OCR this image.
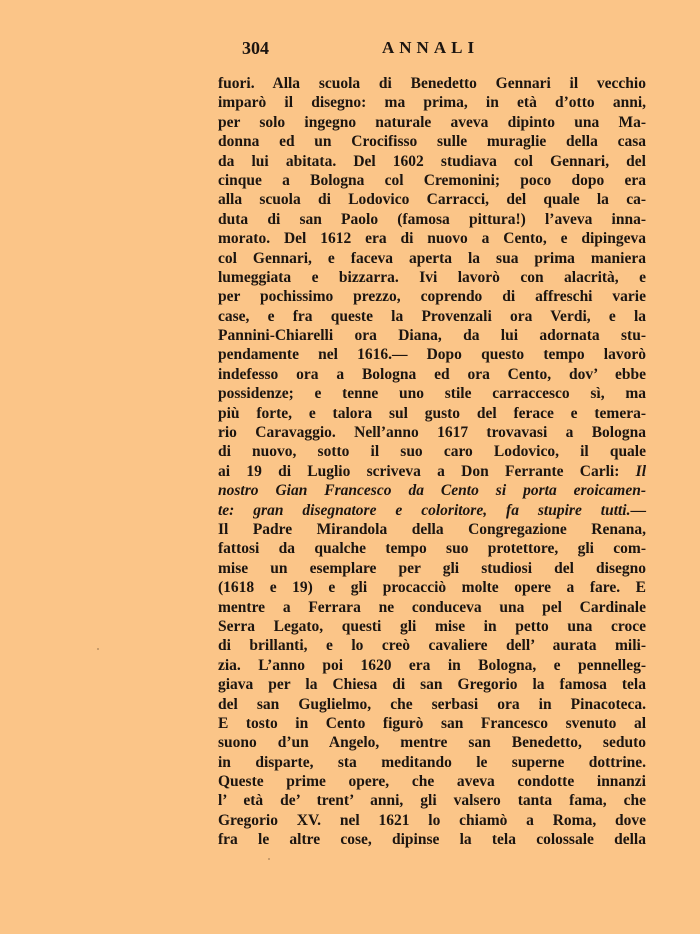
304	ANNALI
fuori. Alla scuola di Benedetto Gennari il vecchio
imparò il disegno: ma prima, in età d’otto anni,
per solo ingegno naturale aveva dipinto una Ma-
donna ed un Crocifisso sulle muraglie della casa
da lui abitata. Del 1602 studiava col Gennari, del
cinque a Bologna col Cremonini; poco dopo era
alla scuola di Lodovico Carracci, del quale la ca-
duta di san Paolo (famosa pittura!) l’aveva inna-
morato. Del 1612 era di nuovo a Cento, e dipingeva
col Gennari, e faceva aperta la sua prima maniera
lumeggiata e bizzarra. Ivi lavorò con alacrità, e
per pochissimo prezzo, coprendo di affreschi varie
case, e fra queste la Provenzali ora Verdi, e la
Pannini-Chiarelli ora Diana, da lui adornata stu-
pendamente nel 1616.— Dopo questo tempo lavorò
indefesso ora a Bologna ed ora Cento, dov’ ebbe
possidenze; e tenne uno stile carraccesco sì, ma
più forte, e talora sul gusto del ferace e temera-
rio Caravaggio. Nell’anno 1617 trovavasi a Bologna
di nuovo, sotto il suo caro Lodovico, il quale
ai 19 di Luglio scriveva a Don Ferrante Carli: Il
nostro Gian Francesco da Cento si porta eroicamen-
te: gran disegnatore e coloritore, fa stupire tutti.—
Il Padre Mirandola della Congregazione Renana,
fattosi da qualche tempo suo protettore, gli com-
mise un esemplare per gli studiosi del disegno
(1618 e 19) e gli procacciò molte opere a fare. E
mentre a Ferrara ne conduceva una pel Cardinale
Serra Legato, questi gli mise in petto una croce
di brillanti, e lo creò cavaliere dell’ aurata mili-
zia. L’anno poi 1620 era in Bologna, e pennelleg-
giava per la Chiesa di san Gregorio la famosa tela
del san Guglielmo, che serbasi ora in Pinacoteca.
E tosto in Cento figurò san Francesco svenuto al
suono d’un Angelo, mentre san Benedetto, seduto
in disparte, sta meditando le superne dottrine.
Queste prime opere, che aveva condotte innanzi
l’ età de’ trent’ anni, gli valsero tanta fama, che
Gregorio XV. nel 1621 lo chiamò a Roma, dove
fra le altre cose, dipinse la tela colossale della
